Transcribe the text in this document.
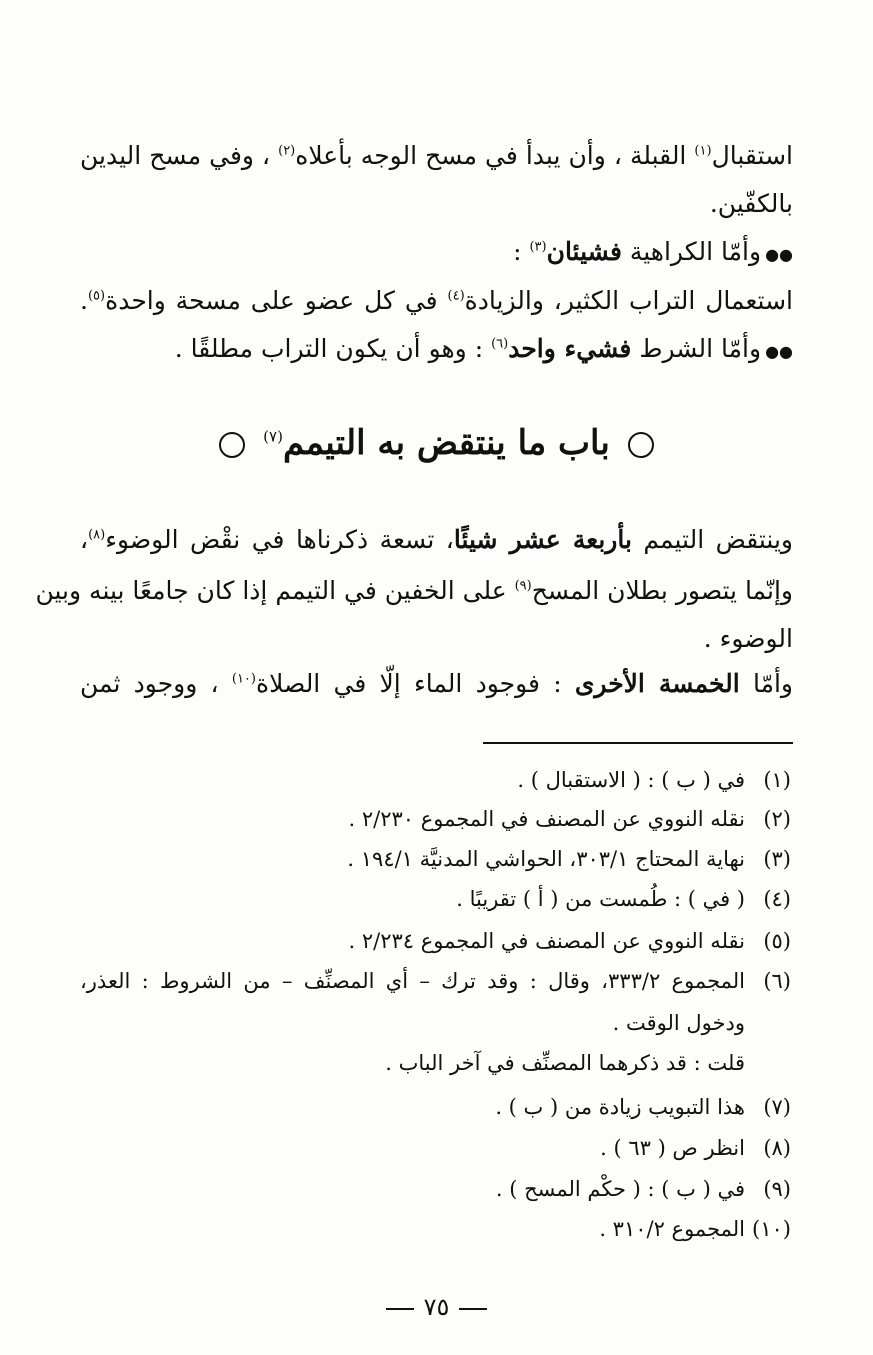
استقبال$^{(١)}$ القبلة ، وأن يبدأ في مسح الوجه بأعلاه$^{(٢)}$ ، وفي مسح اليدين
بالكفّين.
●●وأمّا الكراهية فشيئان$^{(٣)}$ :
استعمال التراب الكثير، والزيادة$^{(٤)}$ في كل عضو على مسحة واحدة$^{(٥)}$.
●●وأمّا الشرط فشيء واحد$^{(٦)}$ : وهو أن يكون التراب مطلقًا .
باب ما ينتقض به التيمم$^{(٧)}$
وينتقض التيمم بأربعة عشر شيئًا، تسعة ذكرناها في نقْض الوضوء$^{(٨)}$،
وإنّما يتصور بطلان المسح$^{(٩)}$ على الخفين في التيمم إذا كان جامعًا بينه وبين
الوضوء .
وأمّا الخمسة الأخرى : فوجود الماء إلّا في الصلاة$^{(١٠)}$ ، ووجود ثمن
(١)في ( ب ) : ( الاستقبال ) .
(٢)نقله النووي عن المصنف في المجموع ٢/٢٣٠ .
(٣)نهاية المحتاج ٣٠٣/١، الحواشي المدنيَّة ١٩٤/١ .
(٤)( في ) : طُمست من ( أ ) تقريبًا .
(٥)نقله النووي عن المصنف في المجموع ٢/٢٣٤ .
(٦)المجموع ٣٣٣/٢، وقال : وقد ترك – أي المصنِّف – من الشروط : العذر،
ودخول الوقت .
قلت : قد ذكرهما المصنِّف في آخر الباب .
(٧)هذا التبويب زيادة من ( ب ) .
(٨)انظر ص ( ٦٣ ) .
(٩)في ( ب ) : ( حكْم المسح ) .
(١٠)المجموع ٣١٠/٢ .
٧٥
